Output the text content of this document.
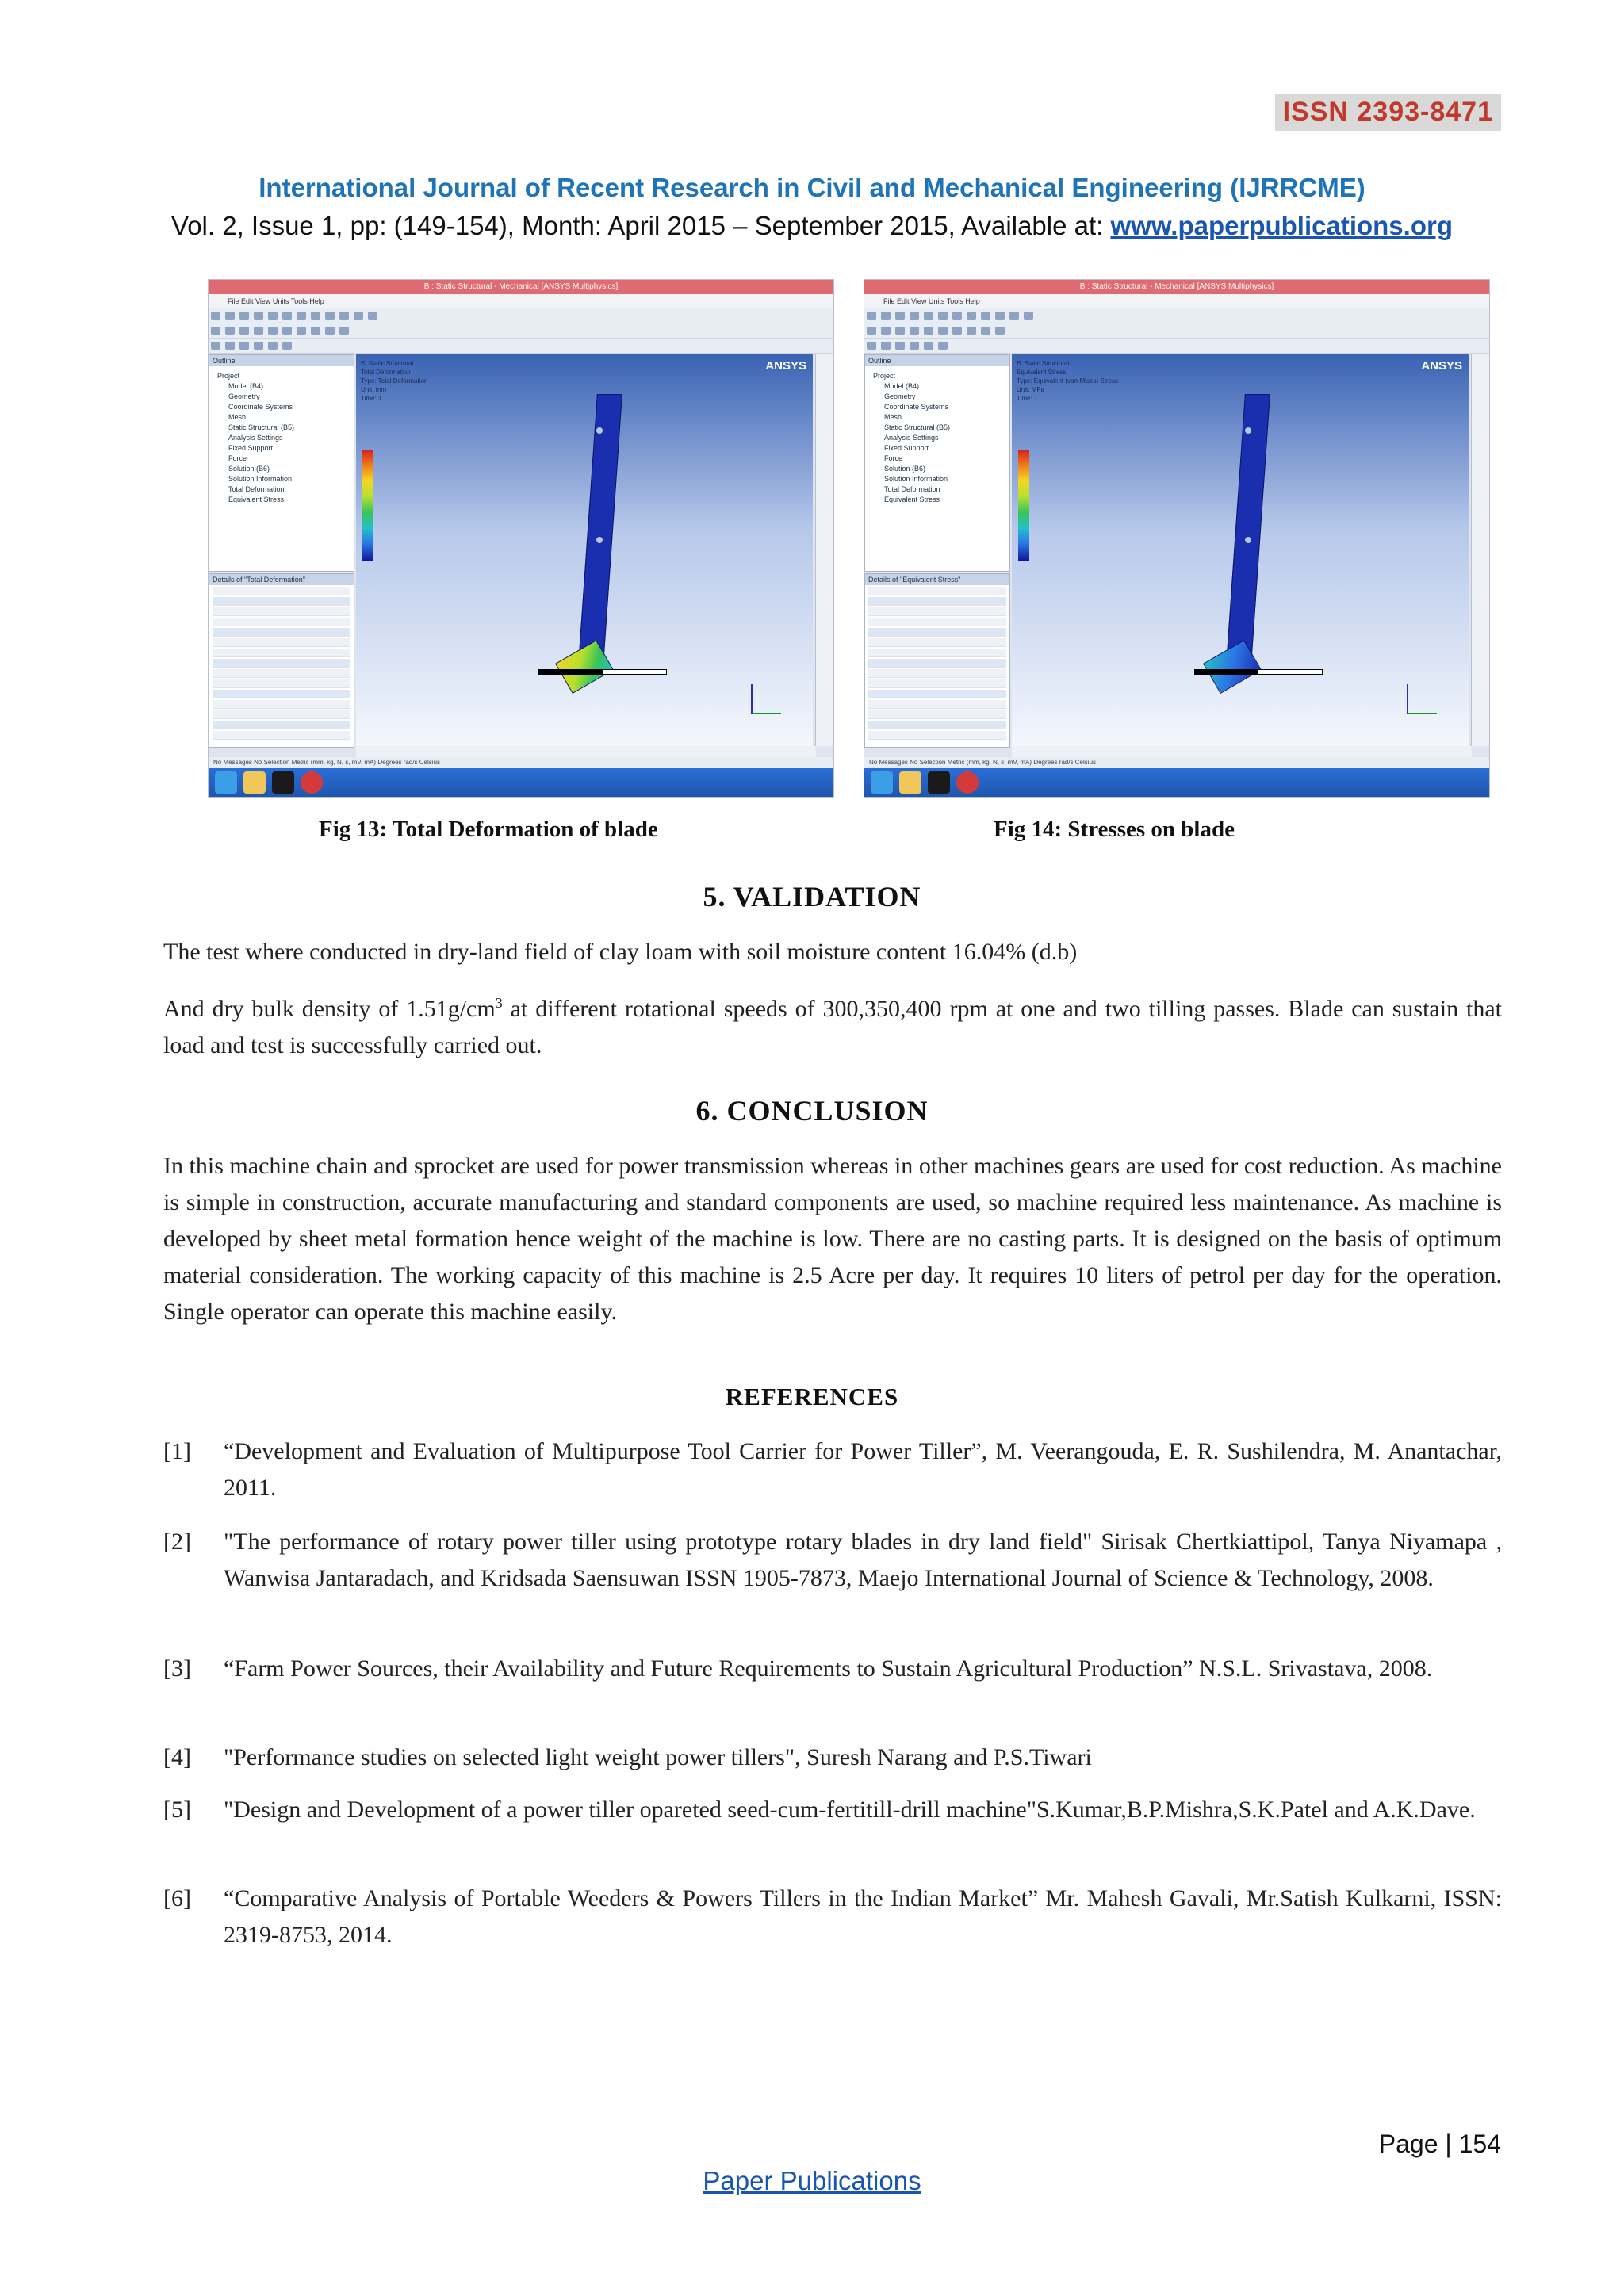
ISSN 2393-8471
International Journal of Recent Research in Civil and Mechanical Engineering (IJRRCME)
Vol. 2, Issue 1, pp: (149-154), Month: April 2015 – September 2015, Available at: www.paperpublications.org
B : Static Structural - Mechanical [ANSYS Multiphysics]
File Edit View Units Tools Help
Outline
Project
Model (B4)
Geometry
Coordinate Systems
Mesh
Static Structural (B5)
Analysis Settings
Fixed Support
Force
Solution (B6)
Solution Information
Total Deformation
Equivalent Stress
Details of "Total Deformation"
B: Static Structural
Total Deformation
Type: Total Deformation
Unit: mm
Time: 1
ANSYS
No Messages No Selection Metric (mm, kg, N, s, mV, mA) Degrees rad/s Celsius
B : Static Structural - Mechanical [ANSYS Multiphysics]
File Edit View Units Tools Help
Outline
Project
Model (B4)
Geometry
Coordinate Systems
Mesh
Static Structural (B5)
Analysis Settings
Fixed Support
Force
Solution (B6)
Solution Information
Total Deformation
Equivalent Stress
Details of "Equivalent Stress"
B: Static Structural
Equivalent Stress
Type: Equivalent (von-Mises) Stress
Unit: MPa
Time: 1
ANSYS
No Messages No Selection Metric (mm, kg, N, s, mV, mA) Degrees rad/s Celsius
Fig 13: Total Deformation of blade	Fig 14: Stresses on blade
5. VALIDATION
The test where conducted in dry-land field of clay loam with soil moisture content 16.04% (d.b)
And dry bulk density of $1.51g/cm^3$ at different rotational speeds of 300,350,400 rpm at one and two tilling passes. Blade can sustain that load and test is successfully carried out.
6. CONCLUSION
In this machine chain and sprocket are used for power transmission whereas in other machines gears are used for cost reduction. As machine is simple in construction, accurate manufacturing and standard components are used, so machine required less maintenance. As machine is developed by sheet metal formation hence weight of the machine is low. There are no casting parts. It is designed on the basis of optimum material consideration. The working capacity of this machine is 2.5 Acre per day. It requires 10 liters of petrol per day for the operation. Single operator can operate this machine easily.
REFERENCES
[1]	“Development and Evaluation of Multipurpose Tool Carrier for Power Tiller”, M. Veerangouda, E. R. Sushilendra, M. Anantachar, 2011.
[2]	"The performance of rotary power tiller using prototype rotary blades in dry land field" Sirisak Chertkiattipol, Tanya Niyamapa , Wanwisa Jantaradach, and Kridsada Saensuwan ISSN 1905-7873, Maejo International Journal of Science & Technology, 2008.
[3]	“Farm Power Sources, their Availability and Future Requirements to Sustain Agricultural Production” N.S.L. Srivastava, 2008.
[4]	"Performance studies on selected light weight power tillers", Suresh Narang and P.S.Tiwari
[5]	"Design and Development of a power tiller opareted seed-cum-fertitill-drill machine"S.Kumar,B.P.Mishra,S.K.Patel and A.K.Dave.
[6]	“Comparative Analysis of Portable Weeders & Powers Tillers in the Indian Market” Mr. Mahesh Gavali, Mr.Satish Kulkarni, ISSN: 2319-8753, 2014.
Page | 154
Paper Publications
